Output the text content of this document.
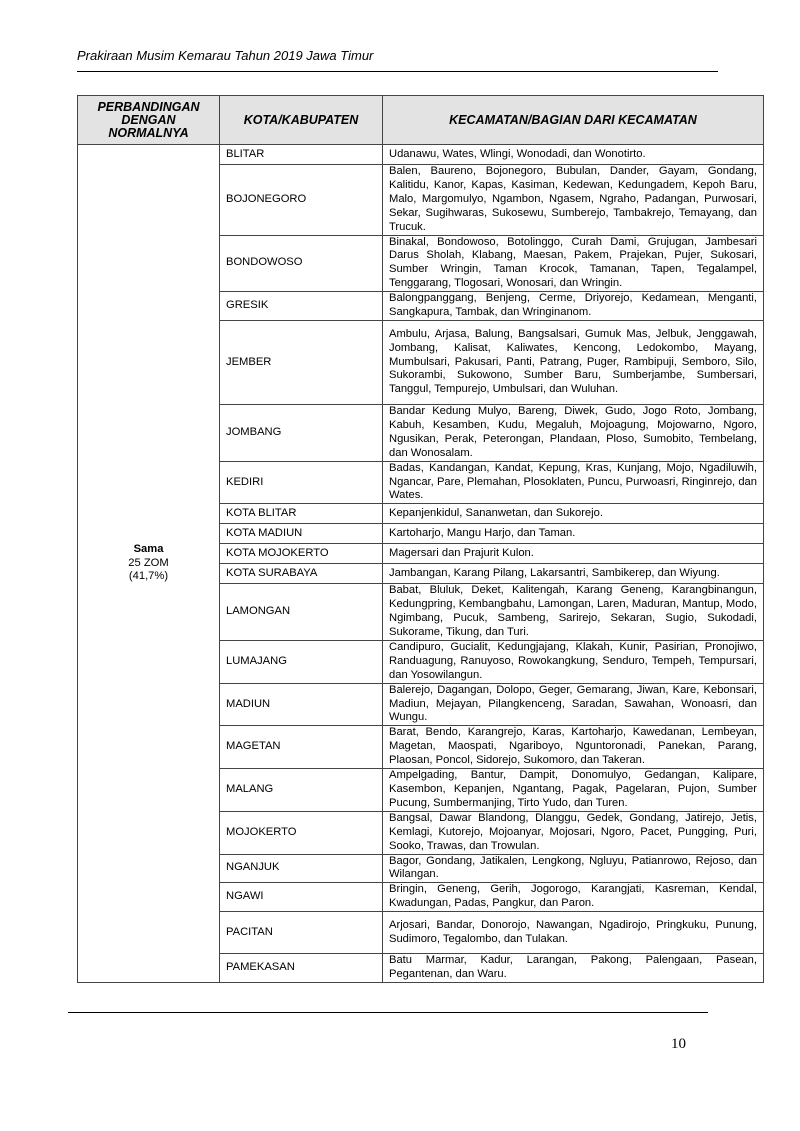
Prakiraan Musim Kemarau Tahun 2019 Jawa Timur
PERBANDINGAN DENGAN NORMALNYA	KOTA/KABUPATEN	KECAMATAN/BAGIAN DARI KECAMATAN

Sama
25 ZOM
(41,7%)	BLITAR	Udanawu, Wates, Wlingi, Wonodadi, dan Wonotirto.
	BOJONEGORO	Balen, Baureno, Bojonegoro, Bubulan, Dander, Gayam, Gondang, Kalitidu, Kanor, Kapas, Kasiman, Kedewan, Kedungadem, Kepoh Baru, Malo, Margomulyo, Ngambon, Ngasem, Ngraho, Padangan, Purwosari, Sekar, Sugihwaras, Sukosewu, Sumberejo, Tambakrejo, Temayang, dan Trucuk.
	BONDOWOSO	Binakal, Bondowoso, Botolinggo, Curah Dami, Grujugan, Jambesari Darus Sholah, Klabang, Maesan, Pakem, Prajekan, Pujer, Sukosari, Sumber Wringin, Taman Krocok, Tamanan, Tapen, Tegalampel, Tenggarang, Tlogosari, Wonosari, dan Wringin.
	GRESIK	Balongpanggang, Benjeng, Cerme, Driyorejo, Kedamean, Menganti, Sangkapura, Tambak, dan Wringinanom.
	JEMBER	Ambulu, Arjasa, Balung, Bangsalsari, Gumuk Mas, Jelbuk, Jenggawah, Jombang, Kalisat, Kaliwates, Kencong, Ledokombo, Mayang, Mumbulsari, Pakusari, Panti, Patrang, Puger, Rambipuji, Semboro, Silo, Sukorambi, Sukowono, Sumber Baru, Sumberjambe, Sumbersari, Tanggul, Tempurejo, Umbulsari, dan Wuluhan.
	JOMBANG	Bandar Kedung Mulyo, Bareng, Diwek, Gudo, Jogo Roto, Jombang, Kabuh, Kesamben, Kudu, Megaluh, Mojoagung, Mojowarno, Ngoro, Ngusikan, Perak, Peterongan, Plandaan, Ploso, Sumobito, Tembelang, dan Wonosalam.
	KEDIRI	Badas, Kandangan, Kandat, Kepung, Kras, Kunjang, Mojo, Ngadiluwih, Ngancar, Pare, Plemahan, Plosoklaten, Puncu, Purwoasri, Ringinrejo, dan Wates.
	KOTA BLITAR	Kepanjenkidul, Sananwetan, dan Sukorejo.
	KOTA MADIUN	Kartoharjo, Mangu Harjo, dan Taman.
	KOTA MOJOKERTO	Magersari dan Prajurit Kulon.
	KOTA SURABAYA	Jambangan, Karang Pilang, Lakarsantri, Sambikerep, dan Wiyung.
	LAMONGAN	Babat, Bluluk, Deket, Kalitengah, Karang Geneng, Karangbinangun, Kedungpring, Kembangbahu, Lamongan, Laren, Maduran, Mantup, Modo, Ngimbang, Pucuk, Sambeng, Sarirejo, Sekaran, Sugio, Sukodadi, Sukorame, Tikung, dan Turi.
	LUMAJANG	Candipuro, Gucialit, Kedungjajang, Klakah, Kunir, Pasirian, Pronojiwo, Randuagung, Ranuyoso, Rowokangkung, Senduro, Tempeh, Tempursari, dan Yosowilangun.
	MADIUN	Balerejo, Dagangan, Dolopo, Geger, Gemarang, Jiwan, Kare, Kebonsari, Madiun, Mejayan, Pilangkenceng, Saradan, Sawahan, Wonoasri, dan Wungu.
	MAGETAN	Barat, Bendo, Karangrejo, Karas, Kartoharjo, Kawedanan, Lembeyan, Magetan, Maospati, Ngariboyo, Nguntoronadi, Panekan, Parang, Plaosan, Poncol, Sidorejo, Sukomoro, dan Takeran.
	MALANG	Ampelgading, Bantur, Dampit, Donomulyo, Gedangan, Kalipare, Kasembon, Kepanjen, Ngantang, Pagak, Pagelaran, Pujon, Sumber Pucung, Sumbermanjing, Tirto Yudo, dan Turen.
	MOJOKERTO	Bangsal, Dawar Blandong, Dlanggu, Gedek, Gondang, Jatirejo, Jetis, Kemlagi, Kutorejo, Mojoanyar, Mojosari, Ngoro, Pacet, Pungging, Puri, Sooko, Trawas, dan Trowulan.
	NGANJUK	Bagor, Gondang, Jatikalen, Lengkong, Ngluyu, Patianrowo, Rejoso, dan Wilangan.
	NGAWI	Bringin, Geneng, Gerih, Jogorogo, Karangjati, Kasreman, Kendal, Kwadungan, Padas, Pangkur, dan Paron.
	PACITAN	Arjosari, Bandar, Donorojo, Nawangan, Ngadirojo, Pringkuku, Punung, Sudimoro, Tegalombo, dan Tulakan.
	PAMEKASAN	Batu Marmar, Kadur, Larangan, Pakong, Palengaan, Pasean, Pegantenan, dan Waru.
10
